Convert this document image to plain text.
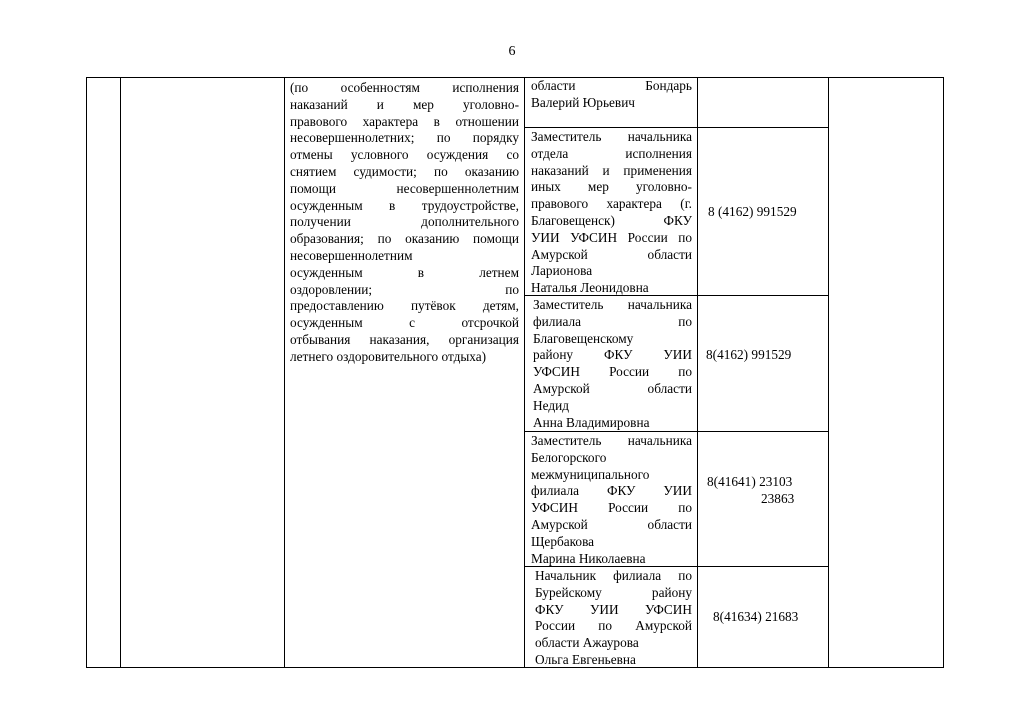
6
(по особенностям исполнения
наказаний и мер уголовно-
правового характера в отношении
несовершеннолетних; по порядку
отмены условного осуждения со
снятием судимости; по оказанию
помощи несовершеннолетним
осужденным в трудоустройстве,
получении дополнительного
образования; по оказанию помощи
несовершеннолетним
осужденным в летнем
оздоровлении; по
предоставлению путёвок детям,
осужденным с отсрочкой
отбывания наказания, организация
летнего оздоровительного отдыха)
области Бондарь
Валерий Юрьевич
Заместитель начальника
отдела исполнения
наказаний и применения
иных мер уголовно-
правового характера (г.
Благовещенск) ФКУ
УИИ УФСИН России по
Амурской области
Ларионова
Наталья Леонидовна
8 (4162) 991529
Заместитель начальника
филиала по
Благовещенскому
району ФКУ УИИ
УФСИН России по
Амурской области
Недид
Анна Владимировна
8(4162) 991529
Заместитель начальника
Белогорского
межмуниципального
филиала ФКУ УИИ
УФСИН России по
Амурской области
Щербакова
Марина Николаевна
8(41641) 23103
23863
Начальник филиала по
Бурейскому району
ФКУ УИИ УФСИН
России по Амурской
области Ажаурова
Ольга Евгеньевна
8(41634) 21683
